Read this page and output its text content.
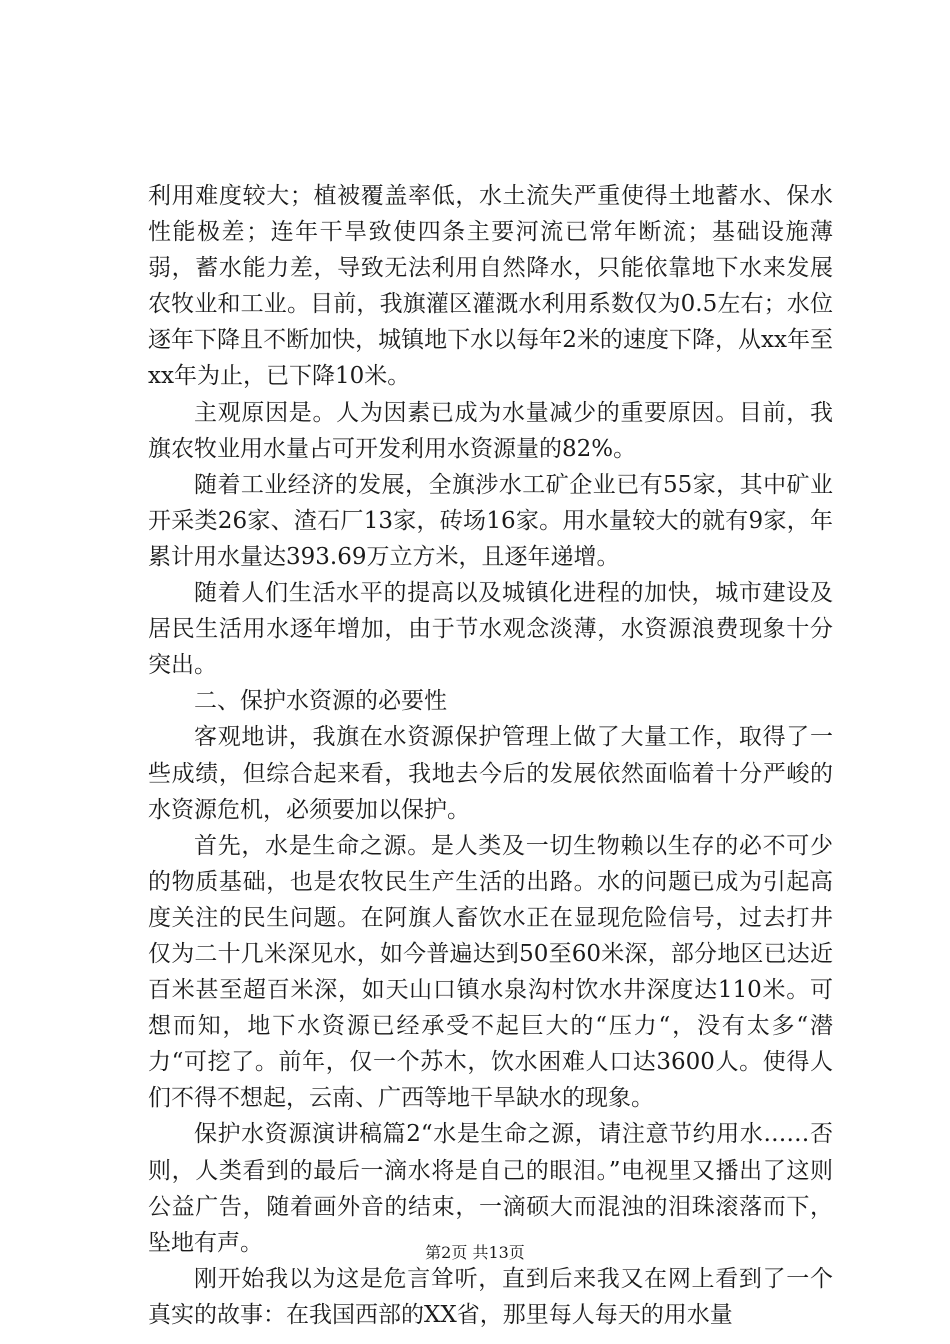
利用难度较大；植被覆盖率低，水土流失严重使得土地蓄水、保水性能极差；连年干旱致使四条主要河流已常年断流；基础设施薄弱，蓄水能力差，导致无法利用自然降水，只能依靠地下水来发展农牧业和工业。目前，我旗灌区灌溉水利用系数仅为0.5左右；水位逐年下降且不断加快，城镇地下水以每年2米的速度下降，从xx年至xx年为止，已下降10米。

主观原因是。人为因素已成为水量减少的重要原因。目前，我旗农牧业用水量占可开发利用水资源量的82%。

随着工业经济的发展，全旗涉水工矿企业已有55家，其中矿业开采类26家、渣石厂13家，砖场16家。用水量较大的就有9家，年累计用水量达393.69万立方米，且逐年递增。

随着人们生活水平的提高以及城镇化进程的加快，城市建设及居民生活用水逐年增加，由于节水观念淡薄，水资源浪费现象十分突出。

二、保护水资源的必要性

客观地讲，我旗在水资源保护管理上做了大量工作，取得了一些成绩，但综合起来看，我地去今后的发展依然面临着十分严峻的水资源危机，必须要加以保护。

首先，水是生命之源。是人类及一切生物赖以生存的必不可少的物质基础，也是农牧民生产生活的出路。水的问题已成为引起高度关注的民生问题。在阿旗人畜饮水正在显现危险信号，过去打井仅为二十几米深见水，如今普遍达到50至60米深，部分地区已达近百米甚至超百米深，如天山口镇水泉沟村饮水井深度达110米。可想而知，地下水资源已经承受不起巨大的“压力“，没有太多“潜力“可挖了。前年，仅一个苏木，饮水困难人口达3600人。使得人们不得不想起，云南、广西等地干旱缺水的现象。

保护水资源演讲稿篇2“水是生命之源，请注意节约用水……否则，人类看到的最后一滴水将是自己的眼泪。”电视里又播出了这则公益广告，随着画外音的结束，一滴硕大而混浊的泪珠滚落而下，坠地有声。

刚开始我以为这是危言耸听，直到后来我又在网上看到了一个真实的故事：在我国西部的XX省，那里每人每天的用水量

第2页 共13页
